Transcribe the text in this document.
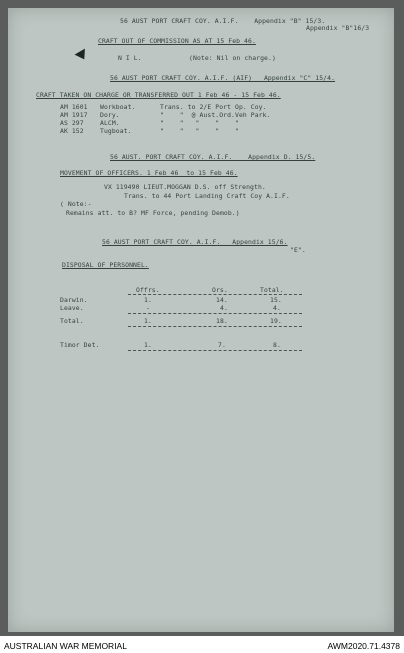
56 AUST PORT CRAFT COY. A.I.F.    Appendix "B" 15/3.
Appendix "B"16/3
CRAFT OUT OF COMMISSION AS AT 15 Feb 46.
N I L.            (Note: Nil on charge.)
56 AUST PORT CRAFT COY. A.I.F. (AIF)   Appendix "C" 15/4.
CRAFT TAKEN ON CHARGE OR TRANSFERRED OUT 1 Feb 46 - 15 Feb 46.
AM 1601 Workboat.	Trans. to 2/E Port Op. Coy.
AM 1917 Dory.	"    "  @ Aust.Ord.Veh Park.
AS 297	ALCM.	"    "   "    "    "
AK 152	Tugboat.	"    "   "    "    "
56 AUST. PORT CRAFT COY. A.I.F.    Appendix D. 15/5.
MOVEMENT OF OFFICERS. 1 Feb 46  to 15 Feb 46.
VX 119490 LIEUT.MOGGAN D.S. off Strength.
Trans. to 44 Port Landing Craft Coy A.I.F.
( Note:-
Remains att. to B? MF Force, pending Demob.)
56 AUST PORT CRAFT COY. A.I.F.   Appendix 15/6.
"E".
DISPOSAL OF PERSONNEL.
Offrs.	Ors.	Total.
Darwin.	1.	14.	15.
Leave.	-	4.	4.
Total.	1.	18.	19.
Timor Det.	1.	7.	8.
AUSTRALIAN WAR MEMORIAL	AWM2020.71.4378
